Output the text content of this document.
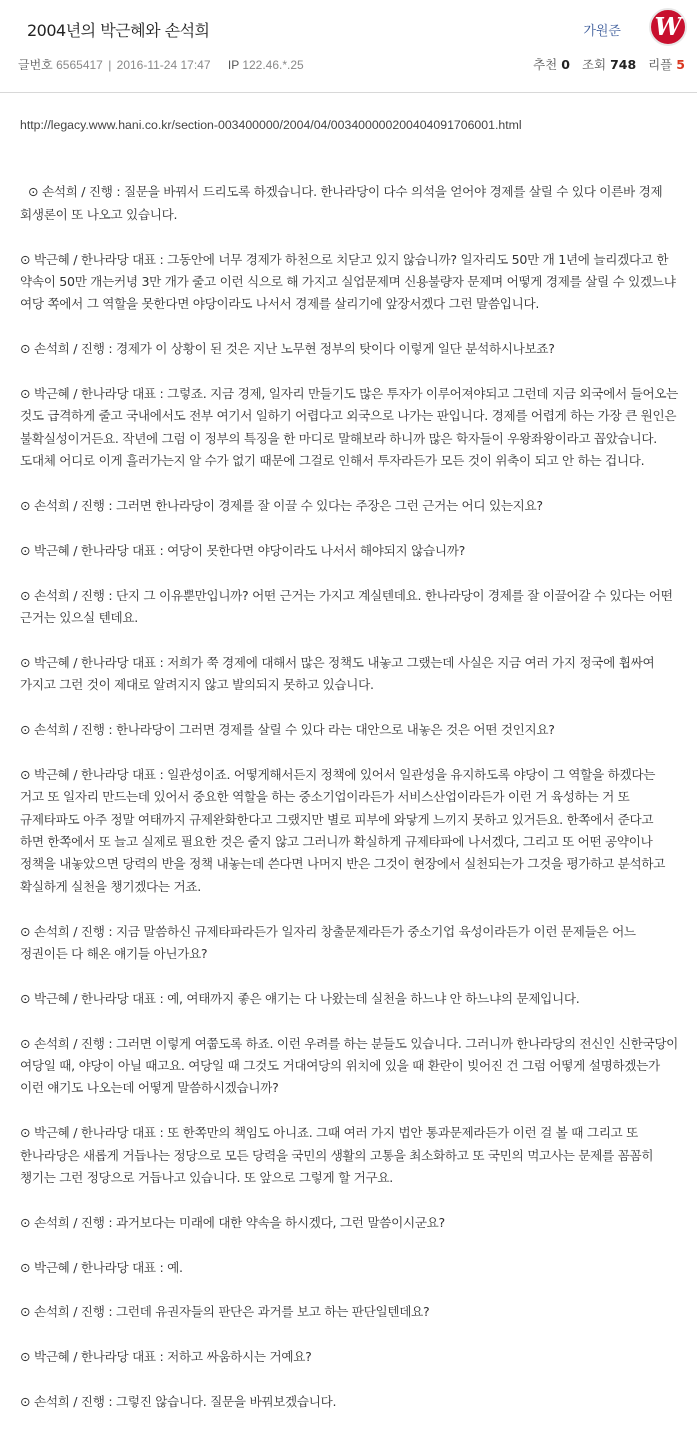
2004년의 박근혜와 손석희	가원준 W
글번호 6565417 | 2016-11-24 17:47 IP 122.46.*.25	추천 0 조회 748 리플 5
http://legacy.www.hani.co.kr/section-003400000/2004/04/003400000200404091706001.html

⊙ 손석희 / 진행 : 질문을 바꿔서 드리도록 하겠습니다. 한나라당이 다수 의석을 얻어야 경제를 살릴 수 있다 이른바 경제 회생론이 또 나오고 있습니다.

⊙ 박근혜 / 한나라당 대표 : 그동안에 너무 경제가 하천으로 치닫고 있지 않습니까? 일자리도 50만 개 1년에 늘리겠다고 한 약속이 50만 개는커녕 3만 개가 줄고 이런 식으로 해 가지고 실업문제며 신용불량자 문제며 어떻게 경제를 살릴 수 있겠느냐 여당 쪽에서 그 역할을 못한다면 야당이라도 나서서 경제를 살리기에 앞장서겠다 그런 말씀입니다.

⊙ 손석희 / 진행 : 경제가 이 상황이 된 것은 지난 노무현 정부의 탓이다 이렇게 일단 분석하시나보죠?

⊙ 박근혜 / 한나라당 대표 : 그렇죠. 지금 경제, 일자리 만들기도 많은 투자가 이루어져야되고 그런데 지금 외국에서 들어오는 것도 급격하게 줄고 국내에서도 전부 여기서 일하기 어렵다고 외국으로 나가는 판입니다. 경제를 어렵게 하는 가장 큰 원인은 불확실성이거든요. 작년에 그럼 이 정부의 특징을 한 마디로 말해보라 하니까 많은 학자들이 우왕좌왕이라고 꼽았습니다. 도대체 어디로 이게 흘러가는지 알 수가 없기 때문에 그걸로 인해서 투자라든가 모든 것이 위축이 되고 안 하는 겁니다.

⊙ 손석희 / 진행 : 그러면 한나라당이 경제를 잘 이끌 수 있다는 주장은 그런 근거는 어디 있는지요?

⊙ 박근혜 / 한나라당 대표 : 여당이 못한다면 야당이라도 나서서 해야되지 않습니까?

⊙ 손석희 / 진행 : 단지 그 이유뿐만입니까? 어떤 근거는 가지고 계실텐데요. 한나라당이 경제를 잘 이끌어갈 수 있다는 어떤 근거는 있으실 텐데요.

⊙ 박근혜 / 한나라당 대표 : 저희가 쭉 경제에 대해서 많은 정책도 내놓고 그랬는데 사실은 지금 여러 가지 정국에 휩싸여 가지고 그런 것이 제대로 알려지지 않고 발의되지 못하고 있습니다.

⊙ 손석희 / 진행 : 한나라당이 그러면 경제를 살릴 수 있다 라는 대안으로 내놓은 것은 어떤 것인지요?

⊙ 박근혜 / 한나라당 대표 : 일관성이죠. 어떻게해서든지 정책에 있어서 일관성을 유지하도록 야당이 그 역할을 하겠다는 거고 또 일자리 만드는데 있어서 중요한 역할을 하는 중소기업이라든가 서비스산업이라든가 이런 거 육성하는 거 또 규제타파도 아주 정말 여태까지 규제완화한다고 그랬지만 별로 피부에 와닿게 느끼지 못하고 있거든요. 한쪽에서 준다고 하면 한쪽에서 또 늘고 실제로 필요한 것은 줄지 않고 그러니까 확실하게 규제타파에 나서겠다, 그리고 또 어떤 공약이나 정책을 내놓았으면 당력의 반을 정책 내놓는데 쓴다면 나머지 반은 그것이 현장에서 실천되는가 그것을 평가하고 분석하고 확실하게 실천을 챙기겠다는 거죠.

⊙ 손석희 / 진행 : 지금 말씀하신 규제타파라든가 일자리 창출문제라든가 중소기업 육성이라든가 이런 문제들은 어느 정권이든 다 해온 얘기들 아닌가요?

⊙ 박근혜 / 한나라당 대표 : 예, 여태까지 좋은 얘기는 다 나왔는데 실천을 하느냐 안 하느냐의 문제입니다.

⊙ 손석희 / 진행 : 그러면 이렇게 여쭙도록 하죠. 이런 우려를 하는 분들도 있습니다. 그러니까 한나라당의 전신인 신한국당이 여당일 때, 야당이 아닐 때고요. 여당일 때 그것도 거대여당의 위치에 있을 때 환란이 빚어진 건 그럼 어떻게 설명하겠는가 이런 얘기도 나오는데 어떻게 말씀하시겠습니까?

⊙ 박근혜 / 한나라당 대표 : 또 한쪽만의 책임도 아니죠. 그때 여러 가지 법안 통과문제라든가 이런 걸 볼 때 그리고 또 한나라당은 새롭게 거듭나는 정당으로 모든 당력을 국민의 생활의 고통을 최소화하고 또 국민의 먹고사는 문제를 꼼꼼히 챙기는 그런 정당으로 거듭나고 있습니다. 또 앞으로 그렇게 할 거구요.

⊙ 손석희 / 진행 : 과거보다는 미래에 대한 약속을 하시겠다, 그런 말씀이시군요?

⊙ 박근혜 / 한나라당 대표 : 예.

⊙ 손석희 / 진행 : 그런데 유권자들의 판단은 과거를 보고 하는 판단일텐데요?

⊙ 박근혜 / 한나라당 대표 : 저하고 싸움하시는 거예요?

⊙ 손석희 / 진행 : 그렇진 않습니다. 질문을 바꿔보겠습니다.
